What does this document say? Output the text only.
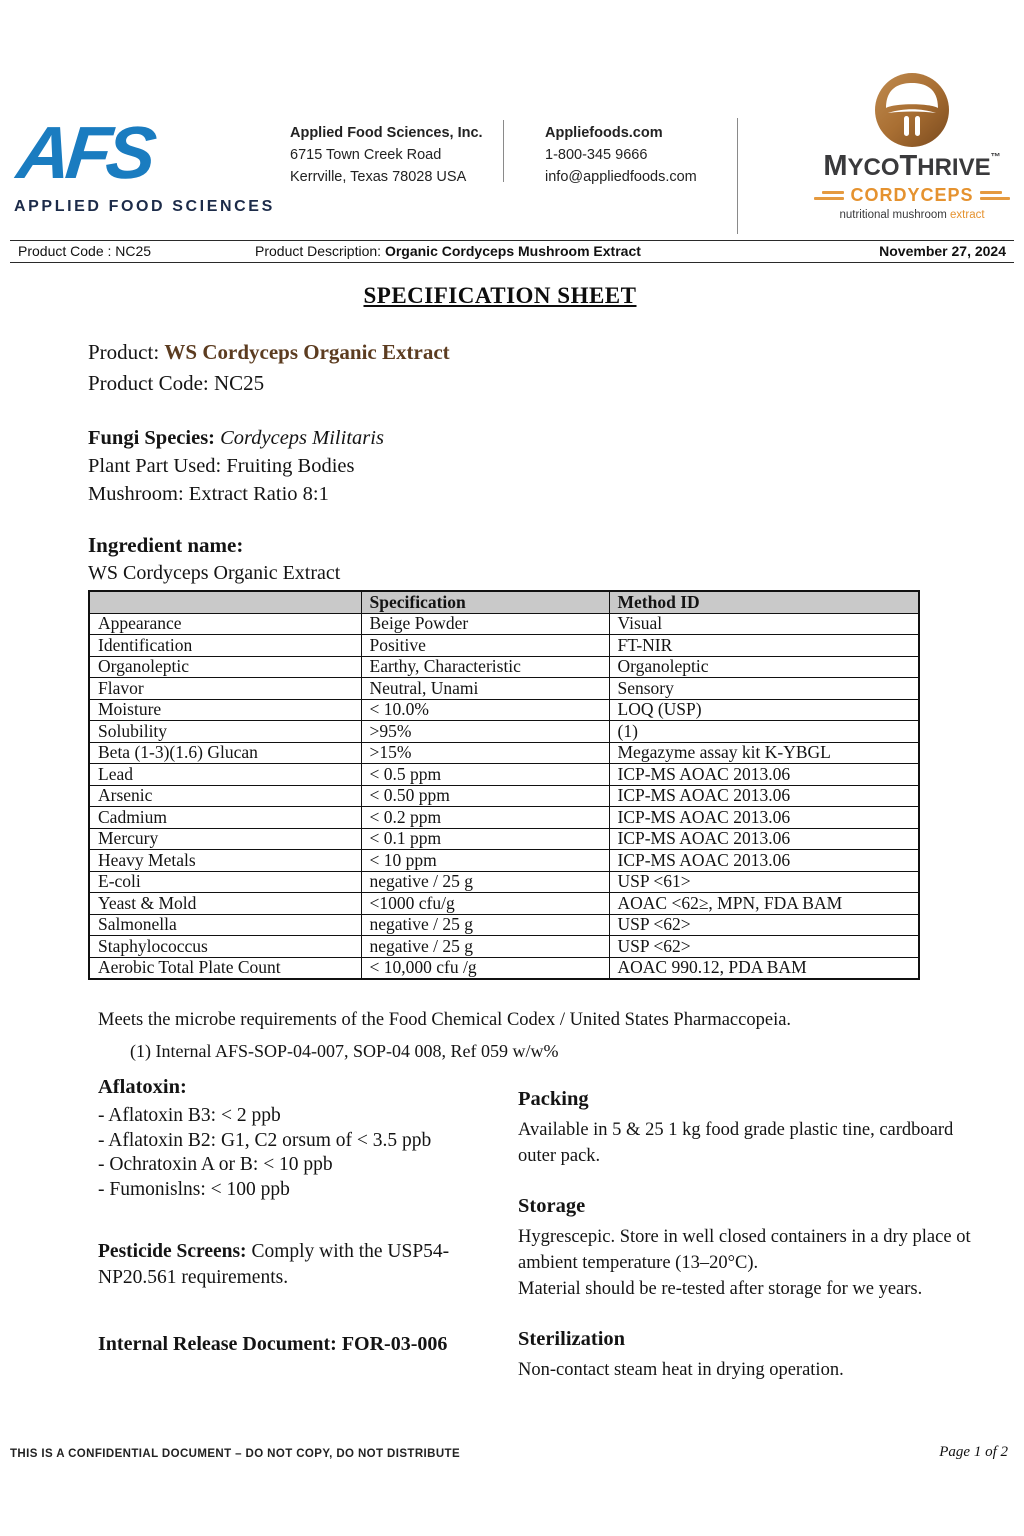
AFS
APPLIED FOOD SCIENCES
Applied Food Sciences, Inc.
6715 Town Creek Road
Kerrville, Texas 78028 USA
Appliefoods.com
1-800-345 9666
info@appliedfoods.com	MYCOTHRIVE™
CORDYCEPS
nutritional mushroom extract
Product Code : NC25	Product Description: Organic Cordyceps Mushroom Extract	November 27, 2024
SPECIFICATION SHEET
Product: WS Cordyceps Organic Extract
Product Code: NC25
Fungi Species: Cordyceps Militaris
Plant Part Used: Fruiting Bodies
Mushroom: Extract Ratio 8:1
Ingredient name:
WS Cordyceps Organic Extract
	Specification	Method ID
Appearance	Beige Powder	Visual
Identification	Positive	FT-NIR
Organoleptic	Earthy, Characteristic	Organoleptic
Flavor	Neutral, Unami	Sensory
Moisture	< 10.0%	LOQ (USP)
Solubility	>95%	(1)
Beta (1-3)(1.6) Glucan	>15%	Megazyme assay kit K-YBGL
Lead	< 0.5 ppm	ICP-MS AOAC 2013.06
Arsenic	< 0.50 ppm	ICP-MS AOAC 2013.06
Cadmium	< 0.2 ppm	ICP-MS AOAC 2013.06
Mercury	< 0.1 ppm	ICP-MS AOAC 2013.06
Heavy Metals	< 10 ppm	ICP-MS AOAC 2013.06
E-coli	negative / 25 g	USP <61>
Yeast & Mold	<1000 cfu/g	AOAC <62≥, MPN, FDA BAM
Salmonella	negative / 25 g	USP <62>
Staphylococcus	negative / 25 g	USP <62>
Aerobic Total Plate Count	< 10,000 cfu /g	AOAC 990.12, PDA BAM
Meets the microbe requirements of the Food Chemical Codex / United States Pharmaccopeia.
(1) Internal AFS-SOP-04-007, SOP-04 008, Ref 059 w/w%
Aflatoxin:
- Aflatoxin B3: < 2 ppb
- Aflatoxin B2: G1, C2 orsum of < 3.5 ppb
- Ochratoxin A or B: < 10 ppb
- Fumonislns: < 100 ppb
Pesticide Screens: Comply with the USP54-NP20.561 requirements.
Internal Release Document: FOR-03-006
Packing

Available in 5 & 25 1 kg food grade plastic tine, cardboard outer pack.

Storage

Hygrescepic. Store in well closed containers in a dry place ot ambient temperature (13–20°C).

Material should be re-tested after storage for we years.

Sterilization

Non-contact steam heat in drying operation.

THIS IS A CONFIDENTIAL DOCUMENT – DO NOT COPY, DO NOT DISTRIBUTE	Page 1 of 2
